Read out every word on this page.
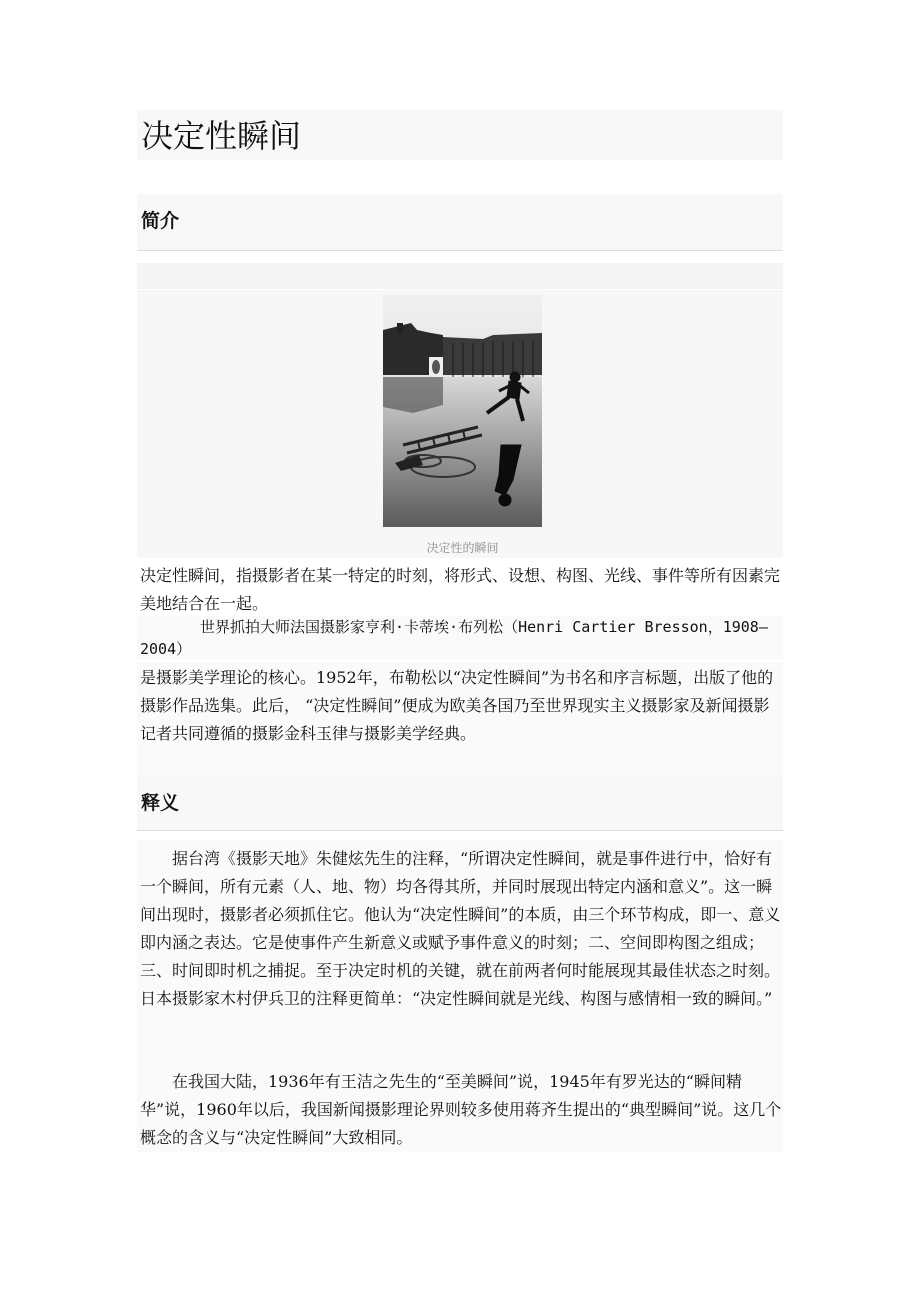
决定性瞬间
简介
决定性的瞬间

决定性瞬间，指摄影者在某一特定的时刻，将形式、设想、构图、光线、事件等所有因素完美地结合在一起。

　　　　世界抓拍大师法国摄影家亨利·卡蒂埃·布列松（Henri Cartier Bresson，1908—2004）

是摄影美学理论的核心。1952年，布勒松以“决定性瞬间”为书名和序言标题，出版了他的摄影作品选集。此后， “决定性瞬间”便成为欧美各国乃至世界现实主义摄影家及新闻摄影记者共同遵循的摄影金科玉律与摄影美学经典。

释义

据台湾《摄影天地》朱健炫先生的注释，“所谓决定性瞬间，就是事件进行中，恰好有一个瞬间，所有元素（人、地、物）均各得其所，并同时展现出特定内涵和意义”。这一瞬间出现时，摄影者必须抓住它。他认为“决定性瞬间”的本质，由三个环节构成，即一、意义即内涵之表达。它是使事件产生新意义或赋予事件意义的时刻；二、空间即构图之组成；三、时间即时机之捕捉。至于决定时机的关键，就在前两者何时能展现其最佳状态之时刻。日本摄影家木村伊兵卫的注释更简单：“决定性瞬间就是光线、构图与感情相一致的瞬间。”

在我国大陆，1936年有王洁之先生的“至美瞬间”说，1945年有罗光达的“瞬间精华”说，1960年以后，我国新闻摄影理论界则较多使用蒋齐生提出的“典型瞬间”说。这几个概念的含义与“决定性瞬间”大致相同。
